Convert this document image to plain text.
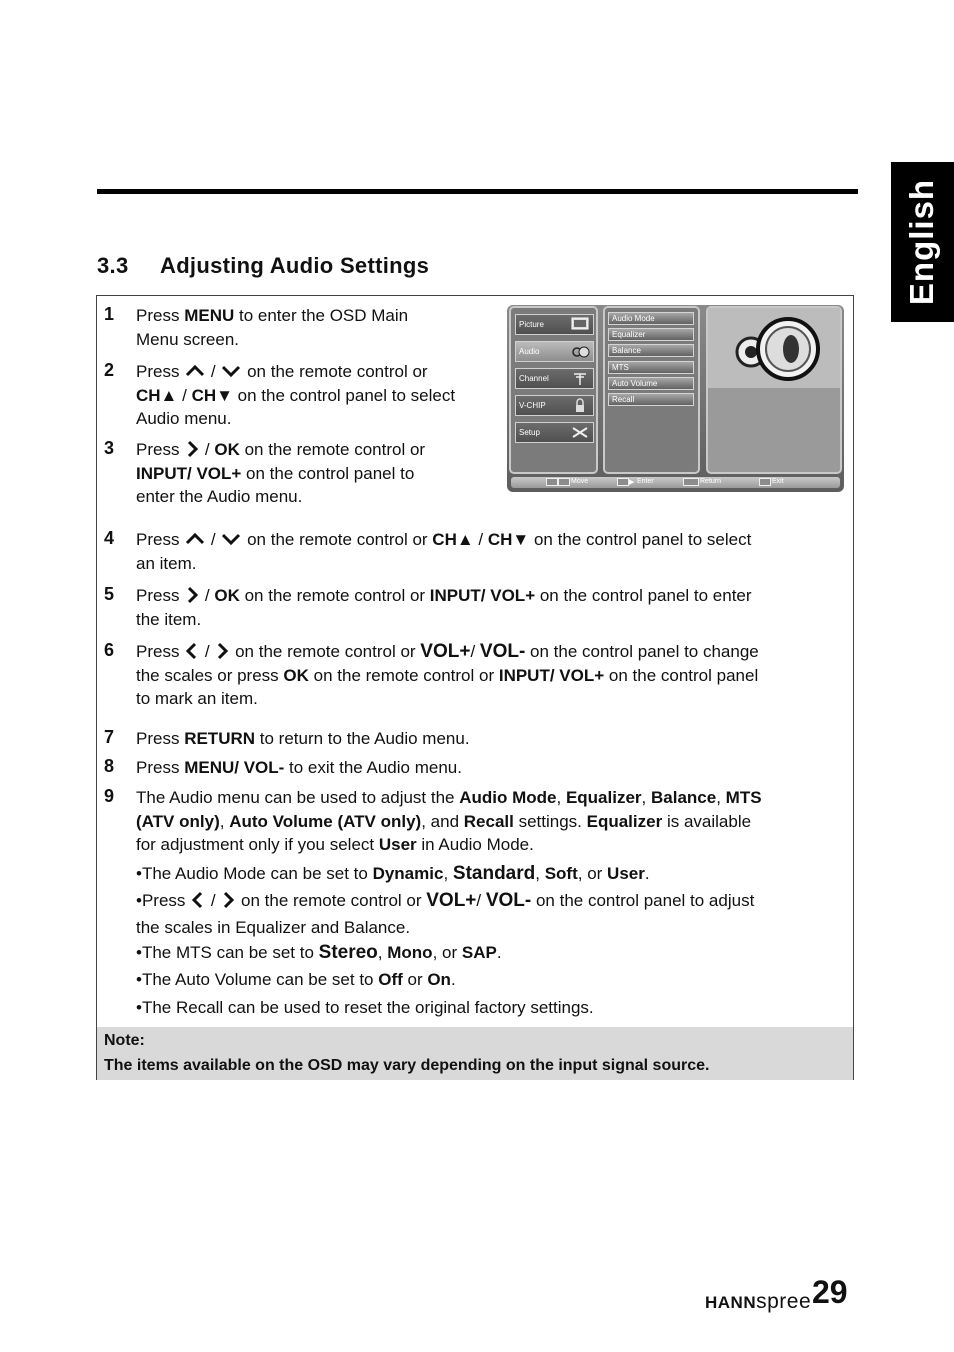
English
3.3 Adjusting Audio Settings
1 Press MENU to enter the OSD Main
Menu screen.
2 Press
/
on the remote control or
CH▲ / CH▼ on the control panel to select
Audio menu.
3 Press
/ OK on the remote control or
INPUT/ VOL+ on the control panel to
enter the Audio menu.
Picture
Audio
Channel
V-CHIP
Setup
Audio Mode
Equalizer
Balance
MTS
Auto Volume
Recall
Move	▶ Enter	Return	Exit
4 Press
/
on the remote control or CH▲ / CH▼ on the control panel to select
an item.
5 Press
/ OK on the remote control or INPUT/ VOL+ on the control panel to enter
the item.
6 Press
/
on the remote control or VOL+/ VOL- on the control panel to change
the scales or press OK on the remote control or INPUT/ VOL+ on the control panel
to mark an item.
7 Press RETURN to return to the Audio menu.
8 Press MENU/ VOL- to exit the Audio menu.
9 The Audio menu can be used to adjust the Audio Mode, Equalizer, Balance, MTS
(ATV only), Auto Volume (ATV only), and Recall settings. Equalizer is available
for adjustment only if you select User in Audio Mode.
•The Audio Mode can be set to Dynamic, Standard, Soft, or User.
•Press
/
on the remote control or VOL+/ VOL- on the control panel to adjust
the scales in Equalizer and Balance.
•The MTS can be set to Stereo, Mono, or SAP.
•The Auto Volume can be set to Off or On.
•The Recall can be used to reset the original factory settings.
Note:
The items available on the OSD may vary depending on the input signal source.
HANNspree 29
